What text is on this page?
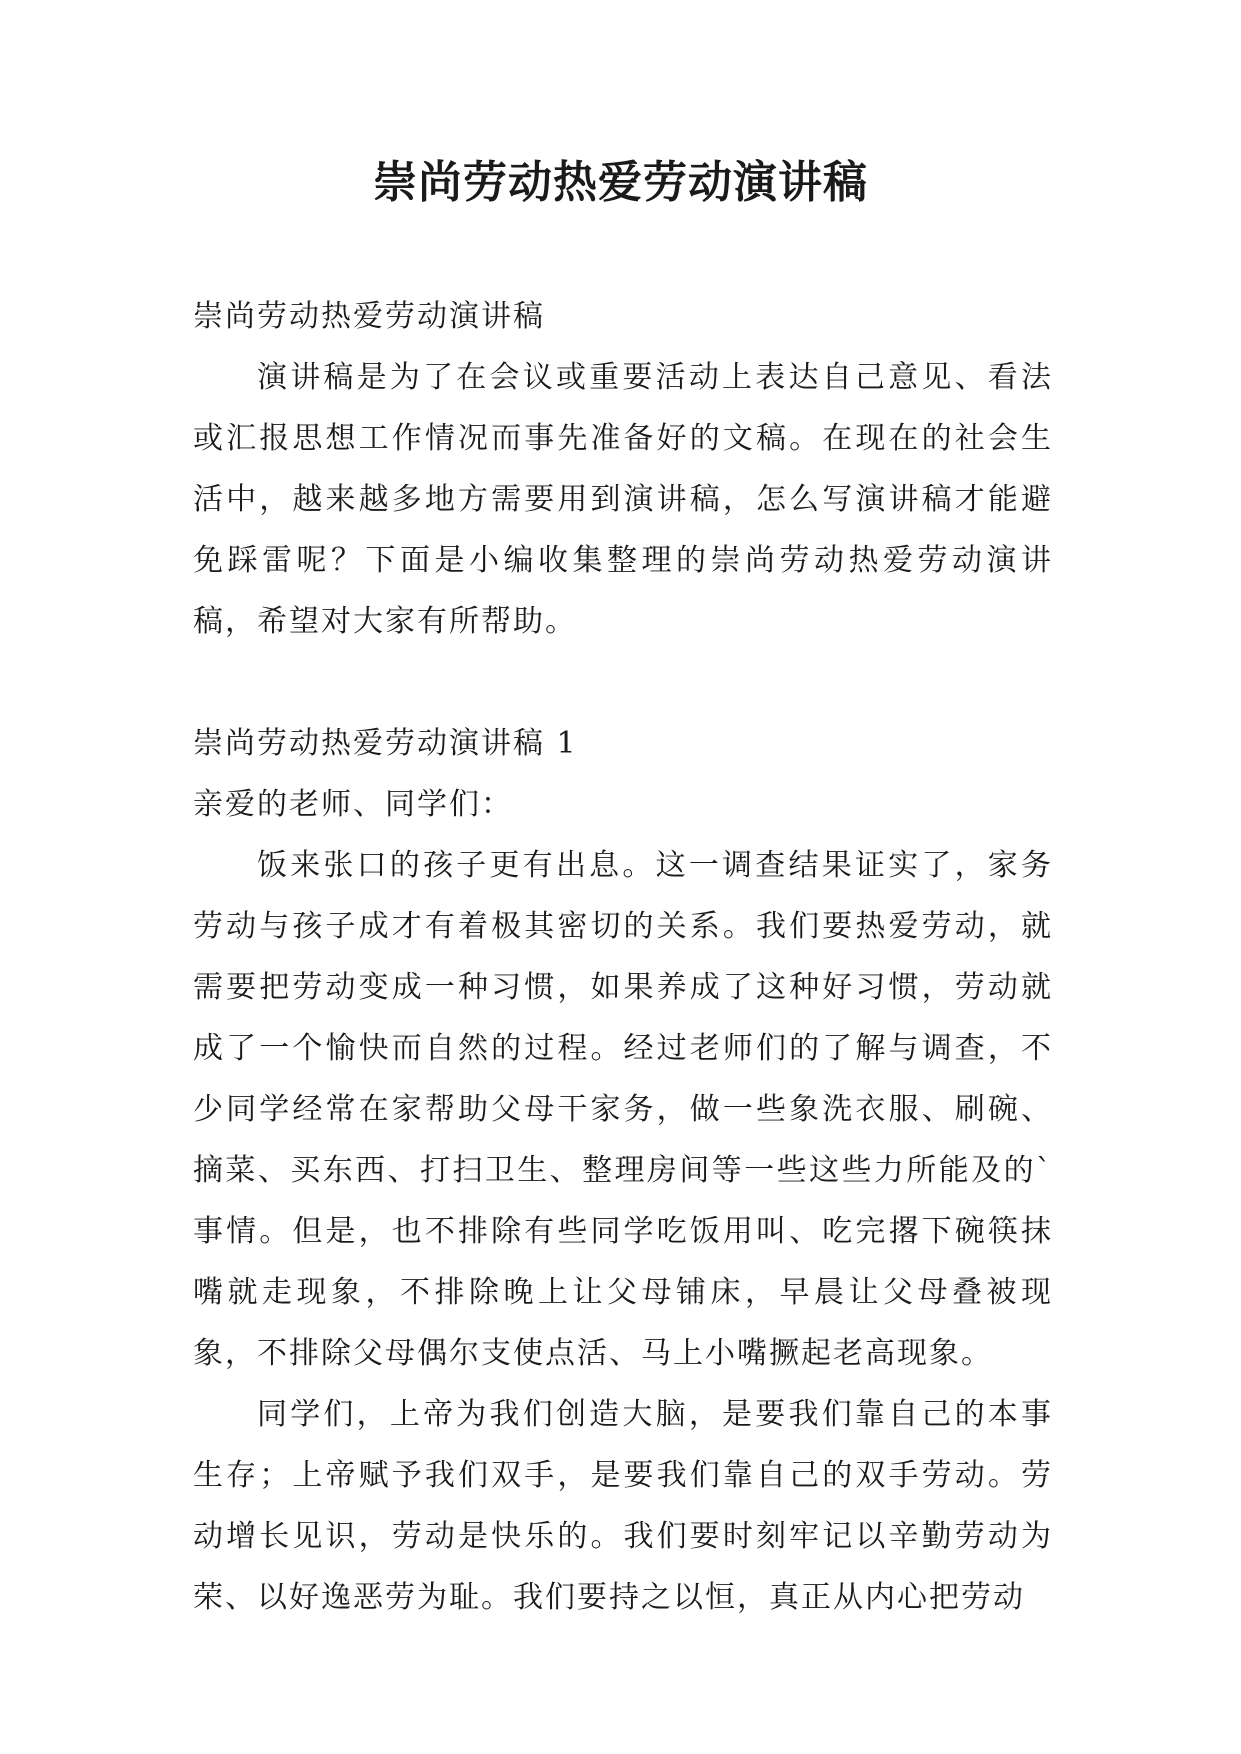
崇尚劳动热爱劳动演讲稿

崇尚劳动热爱劳动演讲稿

演讲稿是为了在会议或重要活动上表达自己意见、看法或汇报思想工作情况而事先准备好的文稿。在现在的社会生活中，越来越多地方需要用到演讲稿，怎么写演讲稿才能避免踩雷呢？下面是小编收集整理的崇尚劳动热爱劳动演讲稿，希望对大家有所帮助。

崇尚劳动热爱劳动演讲稿 1

亲爱的老师、同学们：

饭来张口的孩子更有出息。这一调查结果证实了，家务劳动与孩子成才有着极其密切的关系。我们要热爱劳动，就需要把劳动变成一种习惯，如果养成了这种好习惯，劳动就成了一个愉快而自然的过程。经过老师们的了解与调查，不少同学经常在家帮助父母干家务，做一些象洗衣服、刷碗、摘菜、买东西、打扫卫生、整理房间等一些这些力所能及的`事情。但是，也不排除有些同学吃饭用叫、吃完撂下碗筷抹嘴就走现象，不排除晚上让父母铺床，早晨让父母叠被现象，不排除父母偶尔支使点活、马上小嘴撅起老高现象。

同学们，上帝为我们创造大脑，是要我们靠自己的本事生存；上帝赋予我们双手，是要我们靠自己的双手劳动。劳动增长见识，劳动是快乐的。我们要时刻牢记以辛勤劳动为荣、以好逸恶劳为耻。我们要持之以恒，真正从内心把劳动
